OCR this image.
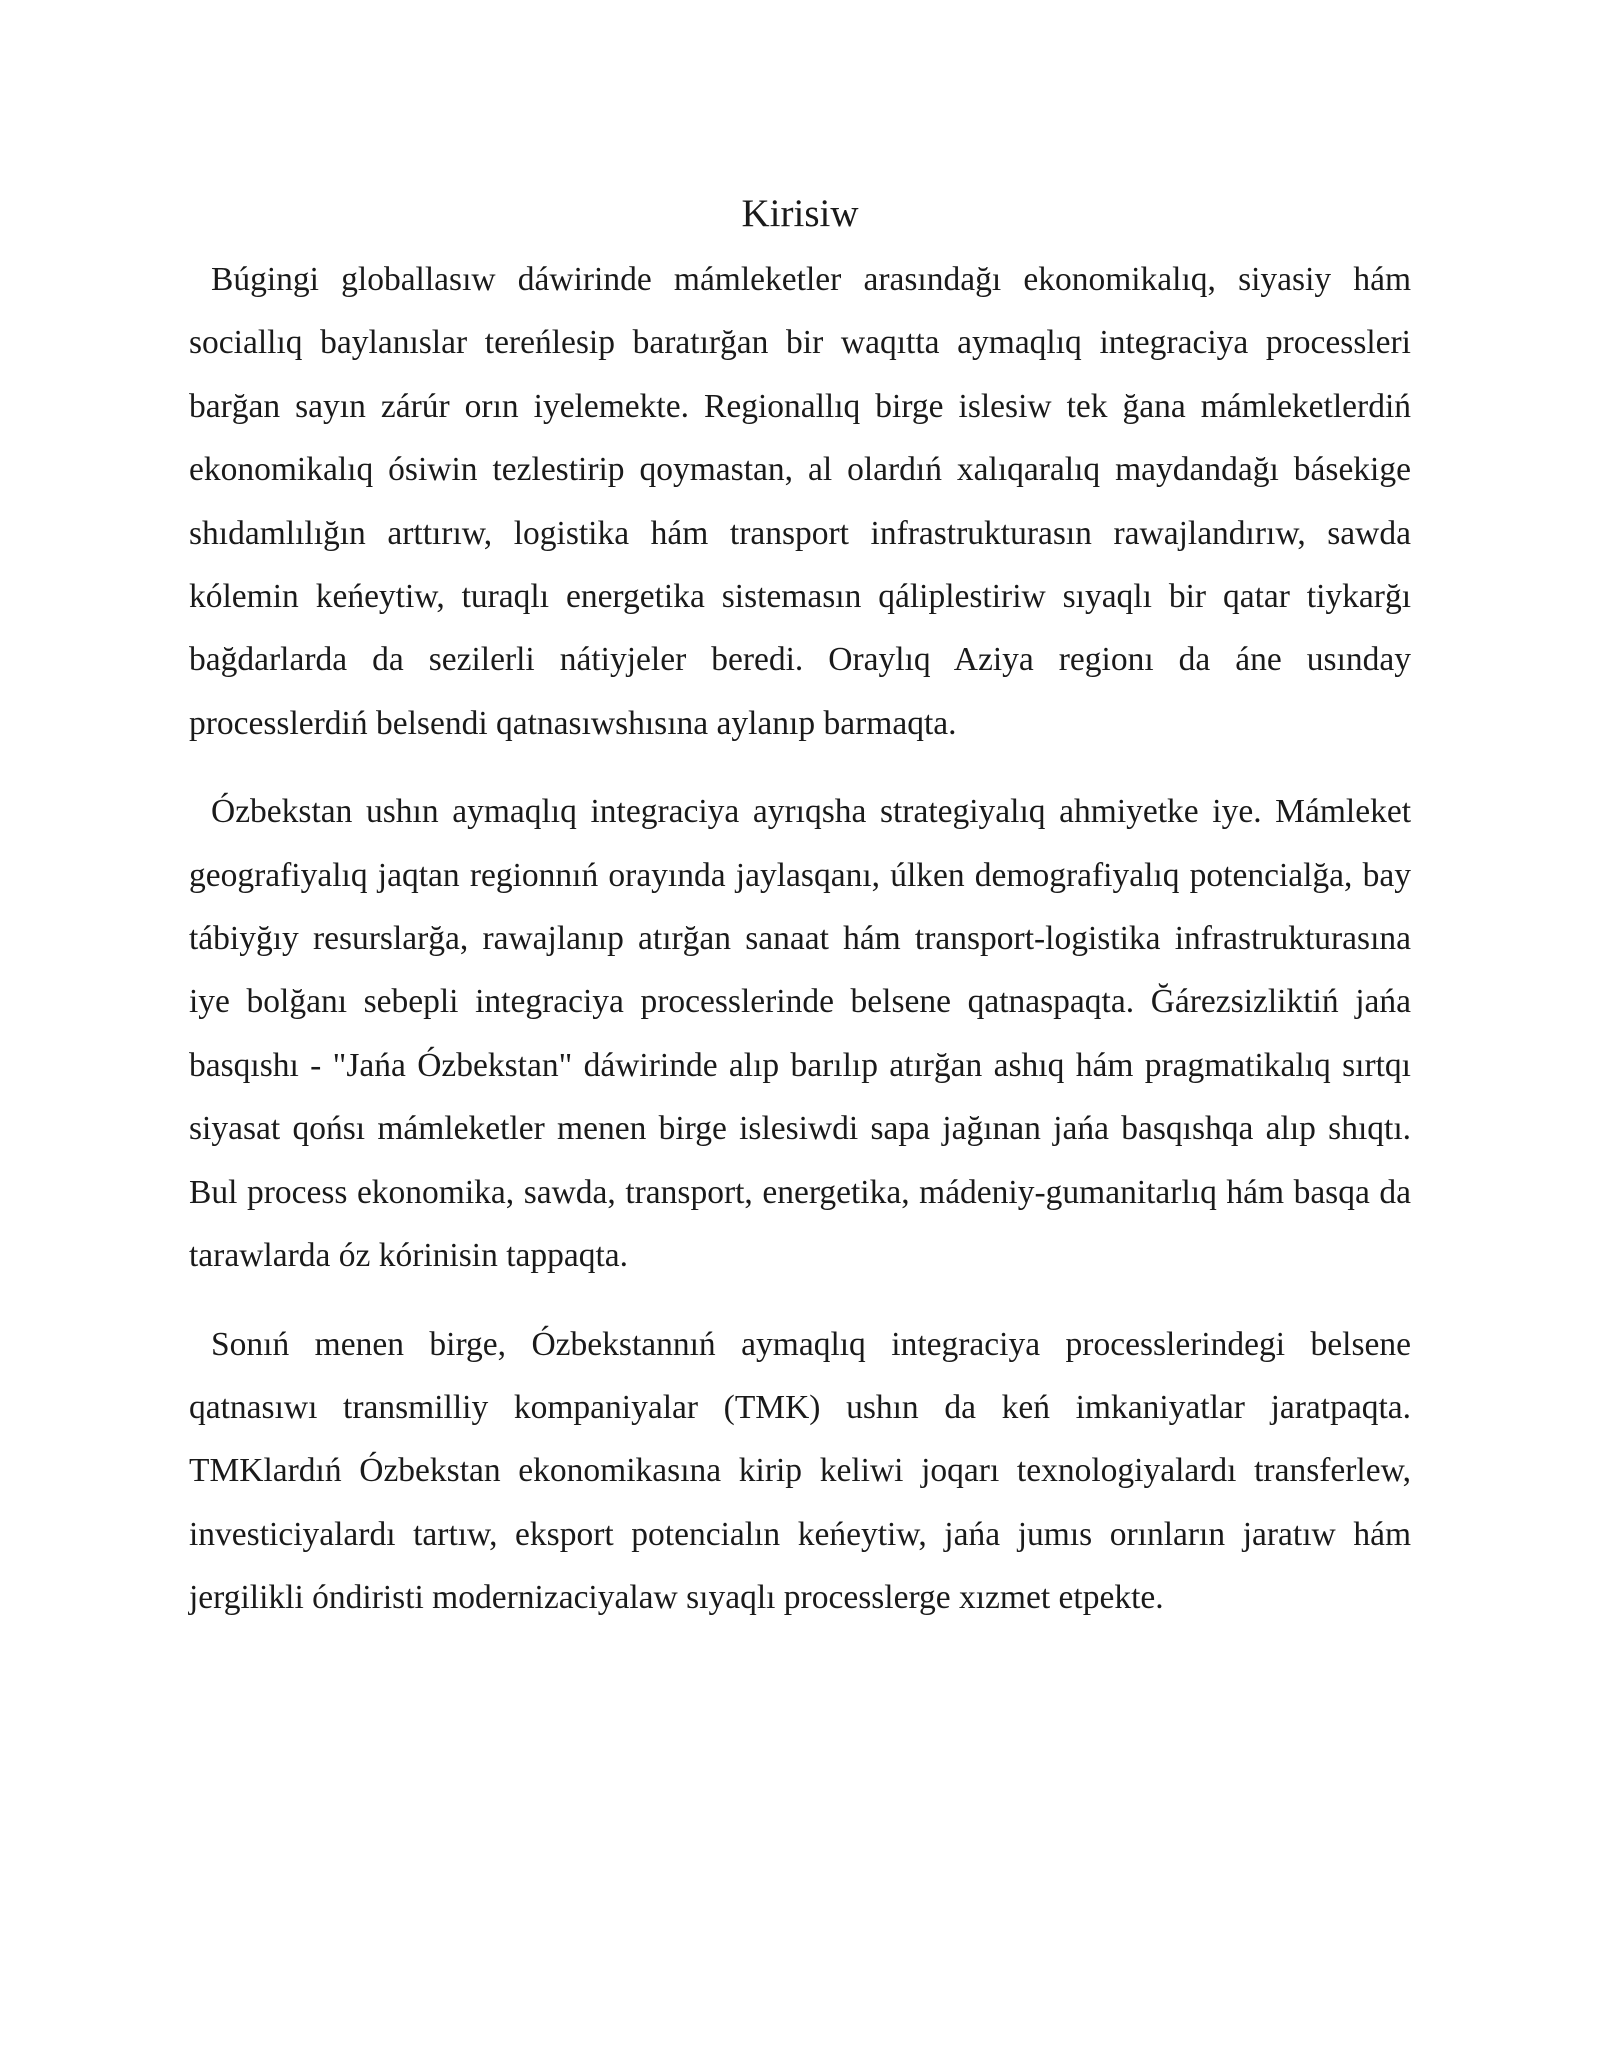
Kirisiw

Búgingi globallasıw dáwirinde mámleketler arasındağı ekonomikalıq, siyasiy hám sociallıq baylanıslar tereńlesip baratırğan bir waqıtta aymaqlıq integraciya processleri barğan sayın zárúr orın iyelemekte. Regionallıq birge islesiw tek ğana mámleketlerdiń ekonomikalıq ósiwin tezlestirip qoymastan, al olardıń xalıqaralıq maydandağı básekige shıdamlılığın arttırıw, logistika hám transport infrastrukturasın rawajlandırıw, sawda kólemin keńeytiw, turaqlı energetika sistemasın qáliplestiriw sıyaqlı bir qatar tiykarğı bağdarlarda da sezilerli nátiyjeler beredi. Oraylıq Aziya regionı da áne usınday processlerdiń belsendi qatnasıwshısına aylanıp barmaqta.

Ózbekstan ushın aymaqlıq integraciya ayrıqsha strategiyalıq ahmiyetke iye. Mámleket geografiyalıq jaqtan regionnıń orayında jaylasqanı, úlken demografiyalıq potencialğa, bay tábiyğıy resurslarğa, rawajlanıp atırğan sanaat hám transport-logistika infrastrukturasına iye bolğanı sebepli integraciya processlerinde belsene qatnaspaqta. Ğárezsizliktiń jańa basqıshı - "Jańa Ózbekstan" dáwirinde alıp barılıp atırğan ashıq hám pragmatikalıq sırtqı siyasat qońsı mámleketler menen birge islesiwdi sapa jağınan jańa basqıshqa alıp shıqtı. Bul process ekonomika, sawda, transport, energetika, mádeniy-gumanitarlıq hám basqa da tarawlarda óz kórinisin tappaqta.

Sonıń menen birge, Ózbekstannıń aymaqlıq integraciya processlerindegi belsene qatnasıwı transmilliy kompaniyalar (TMK) ushın da keń imkaniyatlar jaratpaqta. TMKlardıń Ózbekstan ekonomikasına kirip keliwi joqarı texnologiyalardı transferlew, investiciyalardı tartıw, eksport potencialın keńeytiw, jańa jumıs orınların jaratıw hám jergilikli óndiristi modernizaciyalaw sıyaqlı processlerge xızmet etpekte.
